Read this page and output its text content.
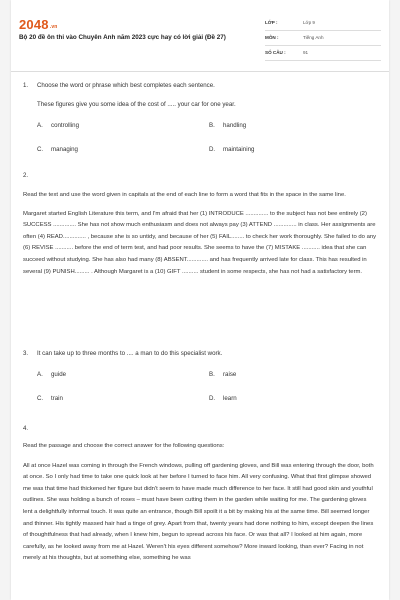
2048.vn
Bộ 20 đề ôn thi vào Chuyên Anh năm 2023 cực hay có lời giải (Đề 27)
LỚP :	Lớp 9
MÔN :	Tiếng Anh
SỐ CÂU :	91
1. Choose the word or phrase which best completes each sentence.
These figures give you some idea of the cost of ..... your car for one year.
A. controlling	B. handling
C. managing	D. maintaining
2.
Read the text and use the word given in capitals at the end of each line to form a word that fits in the space in the same line.
Margaret started English Literature this term, and I'm afraid that her (1) INTRODUCE .............. to the subject has not bee entirely (2) SUCCESS .............. She has not show much enthusiasm and does not always pay (3) ATTEND .............. in class. Her assignments are often (4) READ.............. , because she is so untidy, and because of her (5) FAIL........ to check her work thoroughly. She failed to do any (6) REVISE ........... before the end of term test, and had poor results. She seems to have the (7) MISTAKE ........... idea that she can succeed without studying. She has also had many (8) ABSENT............. and has frequently arrived late for class. This has resulted in several (9) PUNISH......... . Although Margaret is a (10) GIFT .......... student in some respects, she has not had a satisfactory term.
3. It can take up to three months to .... a man to do this specialist work.
A. guide	B. raise
C. train	D. learn
4.
Read the passage and choose the correct answer for the following questions:
All at once Hazel was coming in through the French windows, pulling off gardening gloves, and Bill was entering through the door, both at once. So I only had time to take one quick look at her before I turned to face him. All very confusing. What that first glimpse showed me was that time had thickened her figure but didn't seem to have made much difference to her face. It still had good skin and youthful outlines. She was holding a bunch of roses – must have been cutting them in the garden while waiting for me. The gardening gloves lent a delightfully informal touch. It was quite an entrance, though Bill spoilt it a bit by making his at the same time. Bill seemed longer and thinner. His tightly massed hair had a tinge of grey. Apart from that, twenty years had done nothing to him, except deepen the lines of thoughtfulness that had already, when I knew him, begun to spread across his face. Or was that all? I looked at him again, more carefully, as he looked away from me at Hazel. Weren't his eyes different somehow? More inward looking, than ever? Facing in not merely at his thoughts, but at something else, something he was
